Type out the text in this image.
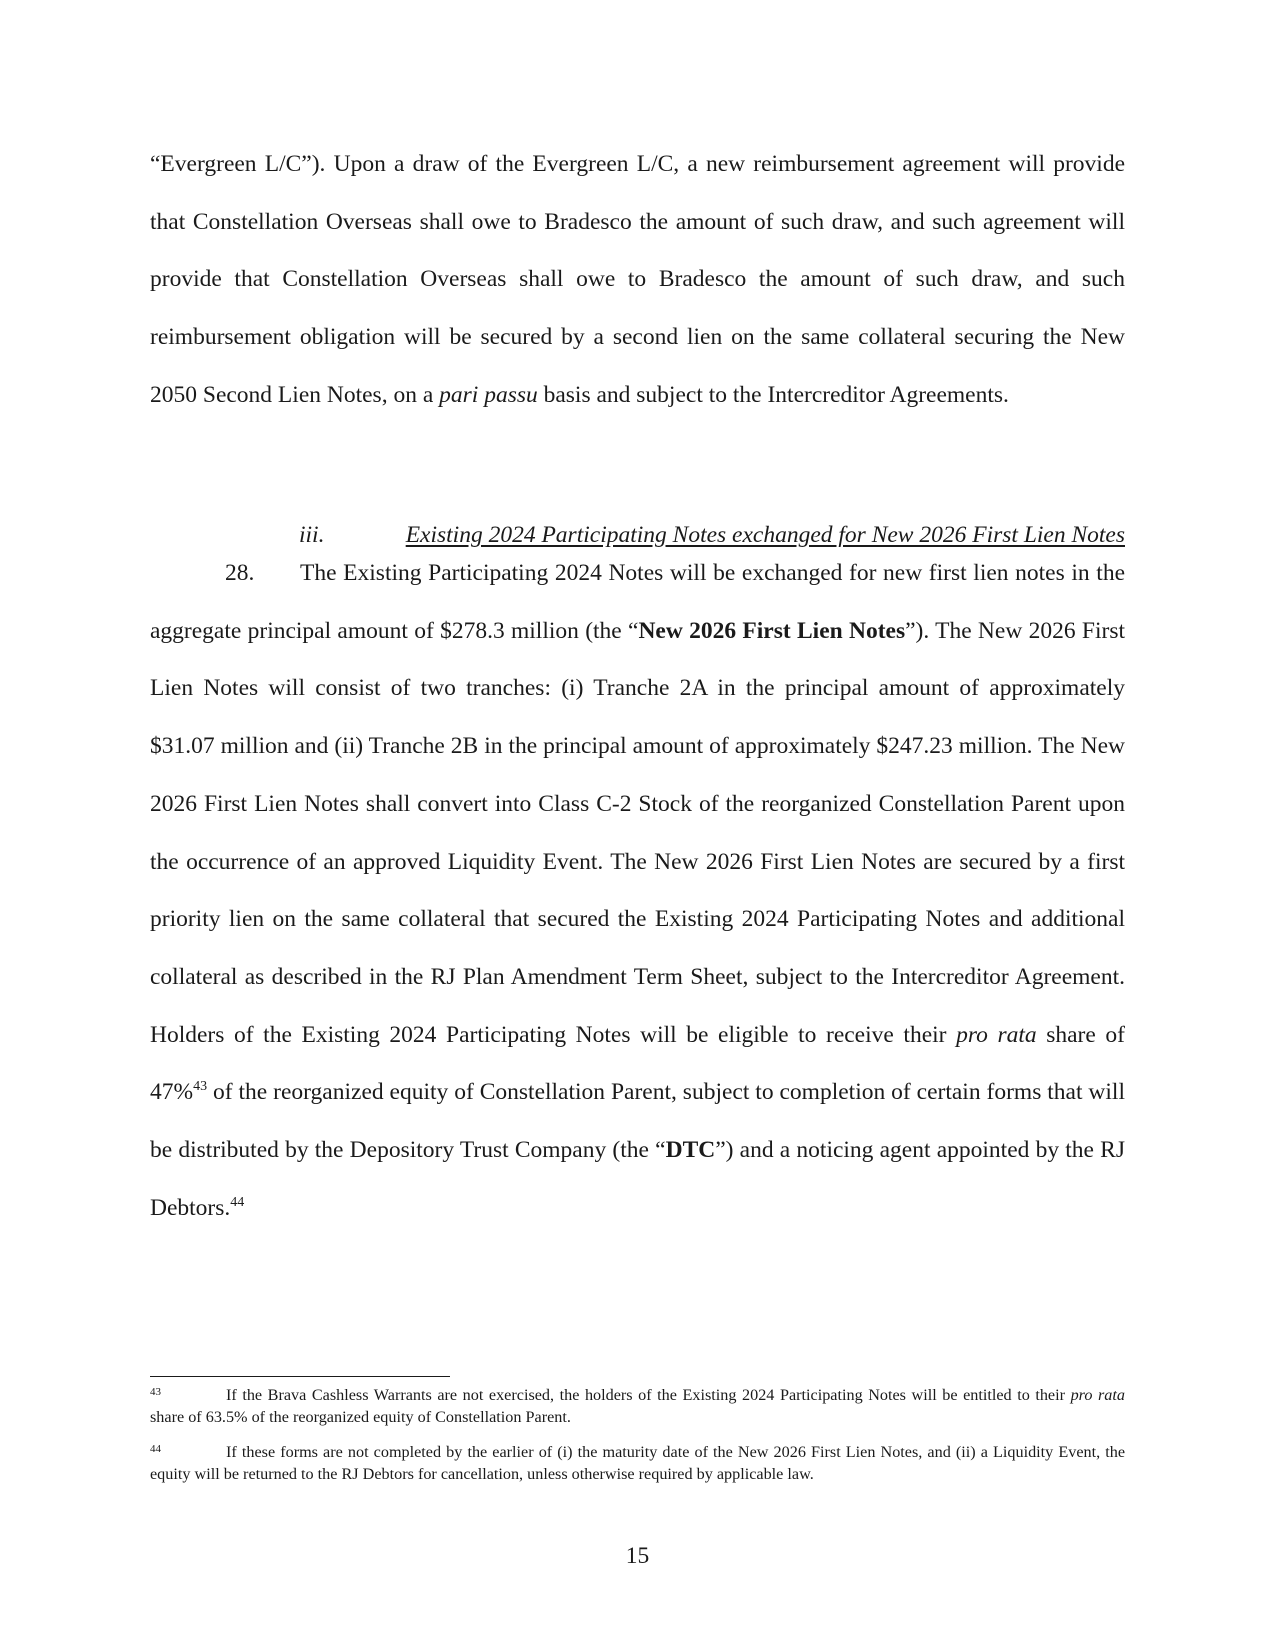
“Evergreen L/C”). Upon a draw of the Evergreen L/C, a new reimbursement agreement will provide that Constellation Overseas shall owe to Bradesco the amount of such draw, and such agreement will provide that Constellation Overseas shall owe to Bradesco the amount of such draw, and such reimbursement obligation will be secured by a second lien on the same collateral securing the New 2050 Second Lien Notes, on a pari passu basis and subject to the Intercreditor Agreements.

iii.	Existing 2024 Participating Notes exchanged for New 2026 First Lien Notes

28. The Existing Participating 2024 Notes will be exchanged for new first lien notes in the aggregate principal amount of $278.3 million (the “New 2026 First Lien Notes”). The New 2026 First Lien Notes will consist of two tranches: (i) Tranche 2A in the principal amount of approximately $31.07 million and (ii) Tranche 2B in the principal amount of approximately $247.23 million. The New 2026 First Lien Notes shall convert into Class C-2 Stock of the reorganized Constellation Parent upon the occurrence of an approved Liquidity Event. The New 2026 First Lien Notes are secured by a first priority lien on the same collateral that secured the Existing 2024 Participating Notes and additional collateral as described in the RJ Plan Amendment Term Sheet, subject to the Intercreditor Agreement. Holders of the Existing 2024 Participating Notes will be eligible to receive their pro rata share of 47%$^{43}$ of the reorganized equity of Constellation Parent, subject to completion of certain forms that will be distributed by the Depository Trust Company (the “DTC”) and a noticing agent appointed by the RJ Debtors.$^{44}$

43	If the Brava Cashless Warrants are not exercised, the holders of the Existing 2024 Participating Notes will be entitled to their pro rata share of 63.5% of the reorganized equity of Constellation Parent.

44	If these forms are not completed by the earlier of (i) the maturity date of the New 2026 First Lien Notes, and (ii) a Liquidity Event, the equity will be returned to the RJ Debtors for cancellation, unless otherwise required by applicable law.

15
